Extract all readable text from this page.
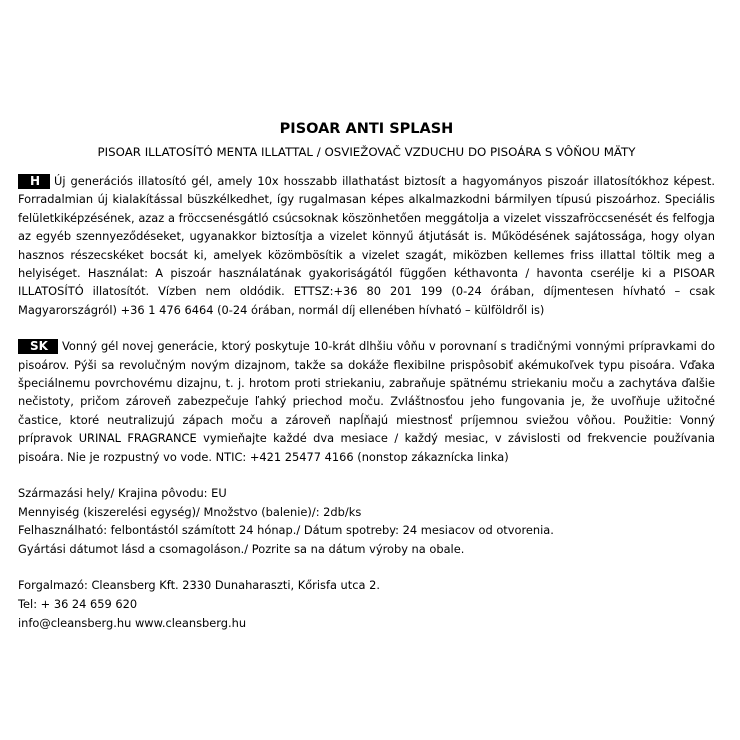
PISOAR ANTI SPLASH
PISOAR ILLATOSÍTÓ MENTA ILLATTAL / OSVIEŽOVAČ VZDUCHU DO PISOÁRA S VÔŇOU MÄTY

H Új generációs illatosító gél, amely 10x hosszabb illathatást biztosít a hagyományos piszoár illatosítókhoz képest. Forradalmian új kialakítással büszkélkedhet, így rugalmasan képes alkalmazkodni bármilyen típusú piszoárhoz. Speciális felületkiképzésének, azaz a fröccsenésgátló csúcsoknak köszönhetően meggátolja a vizelet visszafröccsenését és felfogja az egyéb szennyeződéseket, ugyanakkor biztosítja a vizelet könnyű átjutását is. Működésének sajátossága, hogy olyan hasznos részecskéket bocsát ki, amelyek közömbösítik a vizelet szagát, miközben kellemes friss illattal töltik meg a helyiséget. Használat: A piszoár használatának gyakoriságától függően kéthavonta / havonta cserélje ki a PISOAR ILLATOSÍTÓ illatosítót. Vízben nem oldódik. ETTSZ:+36 80 201 199 (0-24 órában, díjmentesen hívható – csak Magyarországról) +36 1 476 6464 (0-24 órában, normál díj ellenében hívható – külföldről is)

SK Vonný gél novej generácie, ktorý poskytuje 10-krát dlhšiu vôňu v porovnaní s tradičnými vonnými prípravkami do pisoárov. Pýši sa revolučným novým dizajnom, takže sa dokáže flexibilne prispôsobiť akémukoľvek typu pisoára. Vďaka špeciálnemu povrchovému dizajnu, t. j. hrotom proti striekaniu, zabraňuje spätnému striekaniu moču a zachytáva ďalšie nečistoty, pričom zároveň zabezpečuje ľahký priechod moču. Zvláštnosťou jeho fungovania je, že uvoľňuje užitočné častice, ktoré neutralizujú zápach moču a zároveň napĺňajú miestnosť príjemnou sviežou vôňou. Použitie: Vonný prípravok URINAL FRAGRANCE vymieňajte každé dva mesiace / každý mesiac, v závislosti od frekvencie používania pisoára. Nie je rozpustný vo vode. NTIC: +421 25477 4166 (nonstop zákaznícka linka)

Származási hely/ Krajina pôvodu: EU
Mennyiség (kiszerelési egység)/ Množstvo (balenie)/: 2db/ks
Felhasználható: felbontástól számított 24 hónap./ Dátum spotreby: 24 mesiacov od otvorenia.
Gyártási dátumot lásd a csomagoláson./ Pozrite sa na dátum výroby na obale.
Forgalmazó: Cleansberg Kft. 2330 Dunaharaszti, Kőrisfa utca 2.
Tel: + 36 24 659 620
info@cleansberg.hu www.cleansberg.hu
